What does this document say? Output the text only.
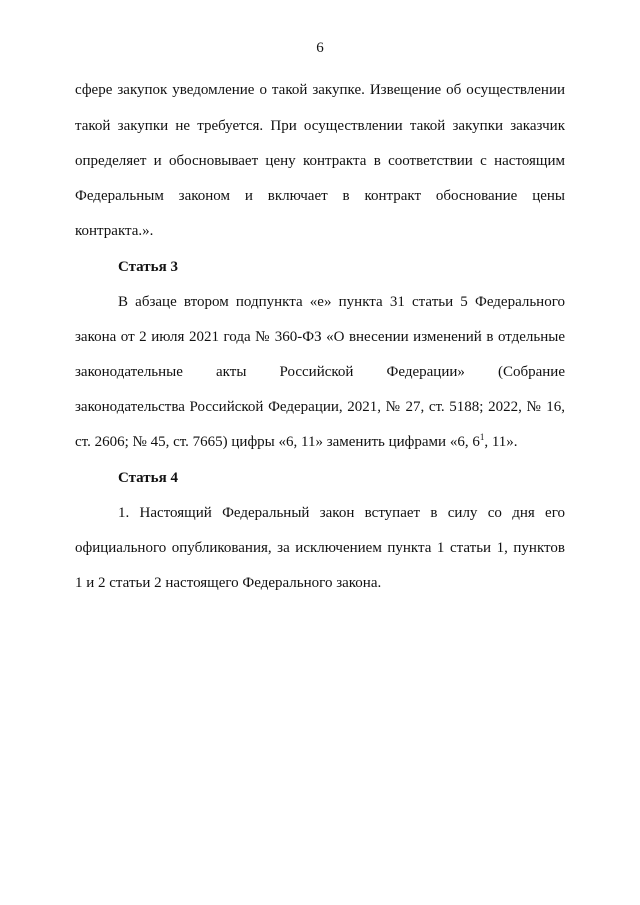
6
сфере закупок уведомление о такой закупке. Извещение об осуществлении
такой закупки не требуется. При осуществлении такой закупки заказчик
определяет и обосновывает цену контракта в соответствии с настоящим
Федеральным законом и включает в контракт обоснование цены
контракта.».
Статья 3
В абзаце втором подпункта «е» пункта 31 статьи 5 Федерального
закона от 2 июля 2021 года № 360-ФЗ «О внесении изменений в отдельные
законодательные акты Российской Федерации» (Собрание
законодательства Российской Федерации, 2021, № 27, ст. 5188; 2022, № 16,
ст. 2606; № 45, ст. 7665) цифры «6, 11» заменить цифрами «6, $6^1$, 11».
Статья 4
1. Настоящий Федеральный закон вступает в силу со дня его
официального опубликования, за исключением пункта 1 статьи 1, пунктов
1 и 2 статьи 2 настоящего Федерального закона.
